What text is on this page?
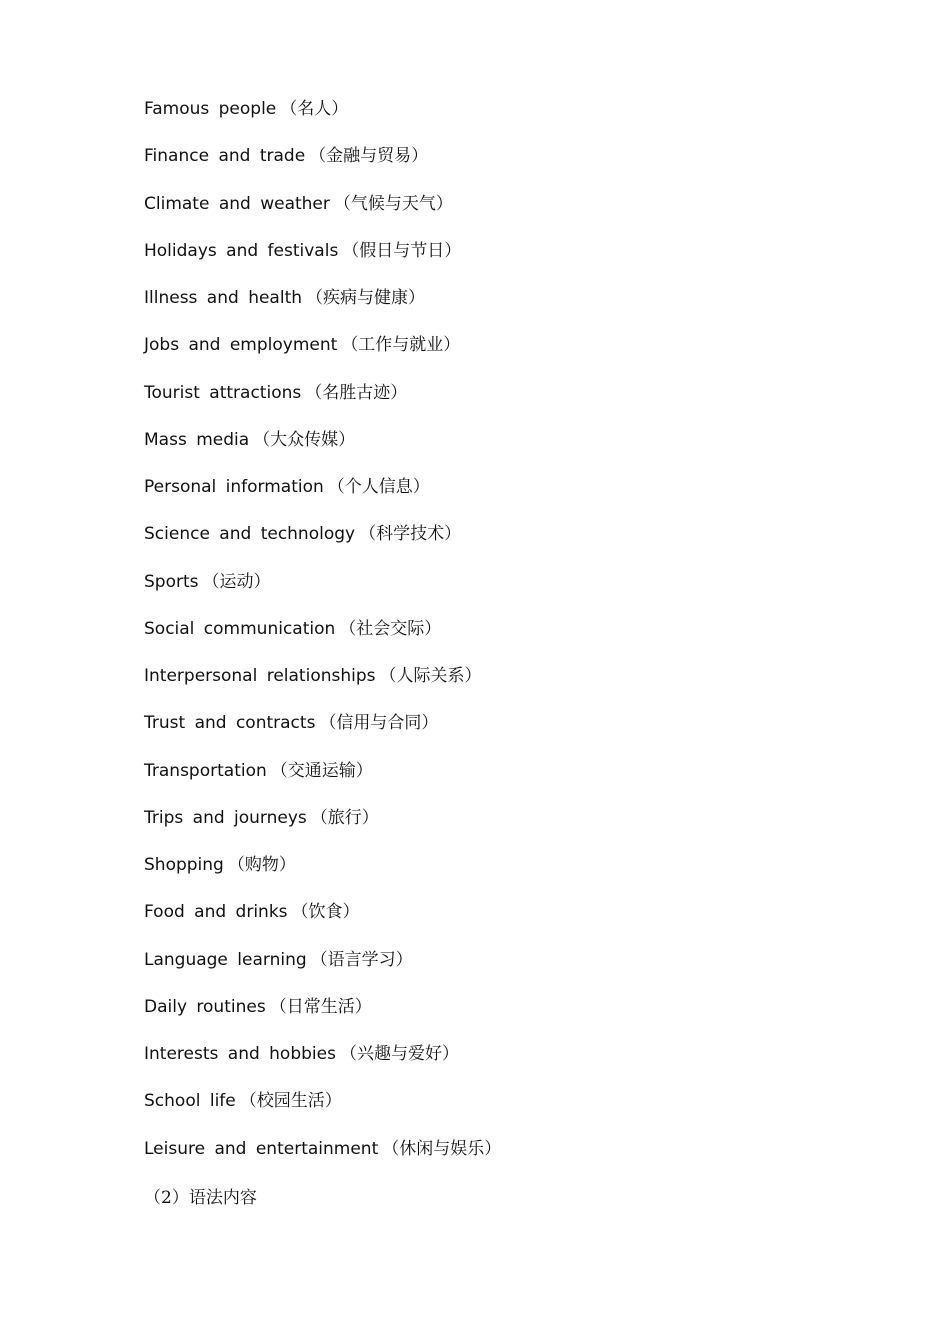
Famous people （名人）
Finance and trade （金融与贸易）
Climate and weather （气候与天气）
Holidays and festivals （假日与节日）
Illness and health （疾病与健康）
Jobs and employment （工作与就业）
Tourist attractions （名胜古迹）
Mass media （大众传媒）
Personal information （个人信息）
Science and technology （科学技术）
Sports （运动）
Social communication （社会交际）
Interpersonal relationships （人际关系）
Trust and contracts （信用与合同）
Transportation （交通运输）
Trips and journeys （旅行）
Shopping （购物）
Food and drinks （饮食）
Language learning （语言学习）
Daily routines （日常生活）
Interests and hobbies （兴趣与爱好）
School life （校园生活）
Leisure and entertainment （休闲与娱乐）
（2）语法内容
